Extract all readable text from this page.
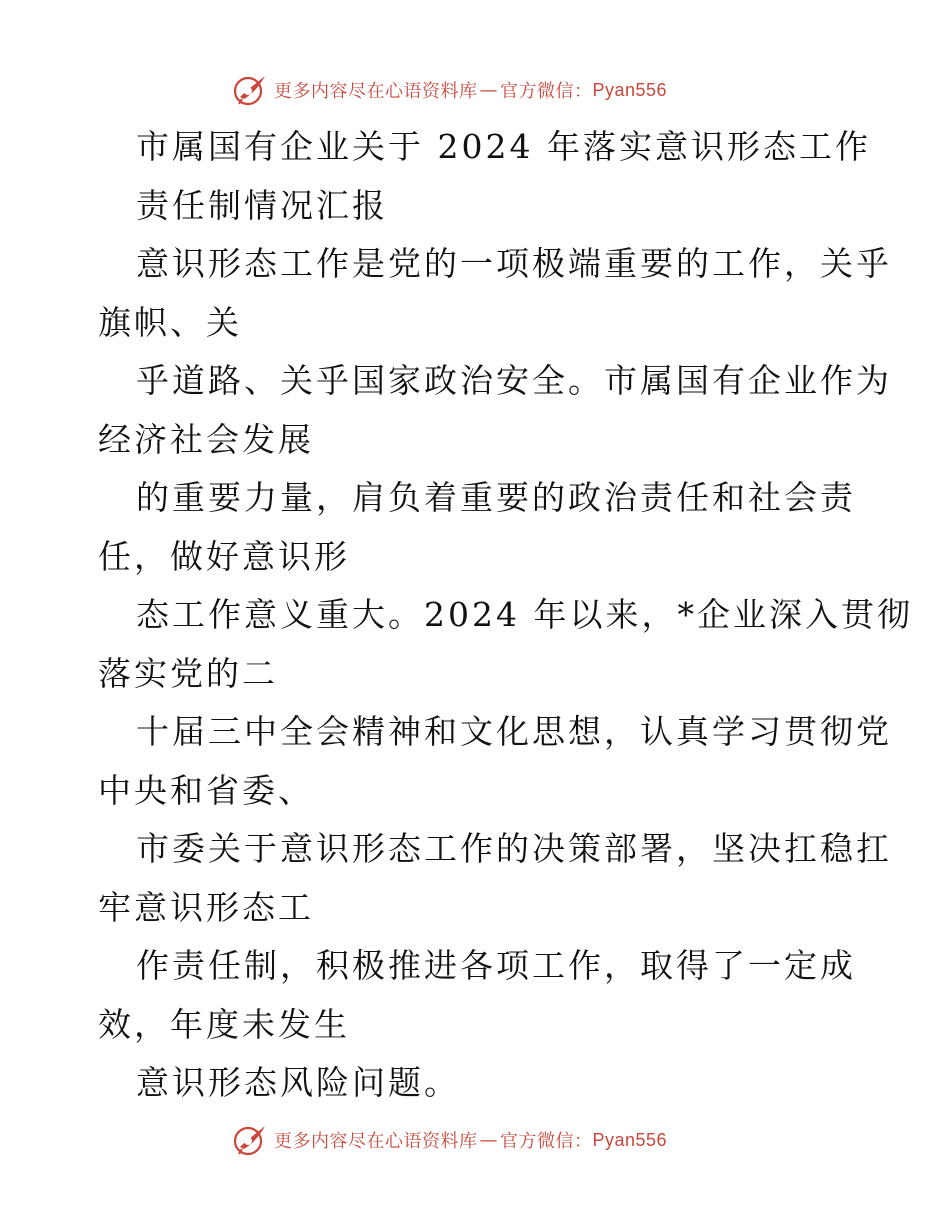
更多内容尽在心语资料库 — 官方微信： Pyan556
市属国有企业关于 2024 年落实意识形态工作
责任制情况汇报
意识形态工作是党的一项极端重要的工作，关乎
旗帜、关
乎道路、关乎国家政治安全。市属国有企业作为
经济社会发展
的重要力量，肩负着重要的政治责任和社会责
任，做好意识形
态工作意义重大。2024 年以来，*企业深入贯彻
落实党的二
十届三中全会精神和文化思想，认真学习贯彻党
中央和省委、
市委关于意识形态工作的决策部署，坚决扛稳扛
牢意识形态工
作责任制，积极推进各项工作，取得了一定成
效，年度未发生
意识形态风险问题。
更多内容尽在心语资料库 — 官方微信： Pyan556
